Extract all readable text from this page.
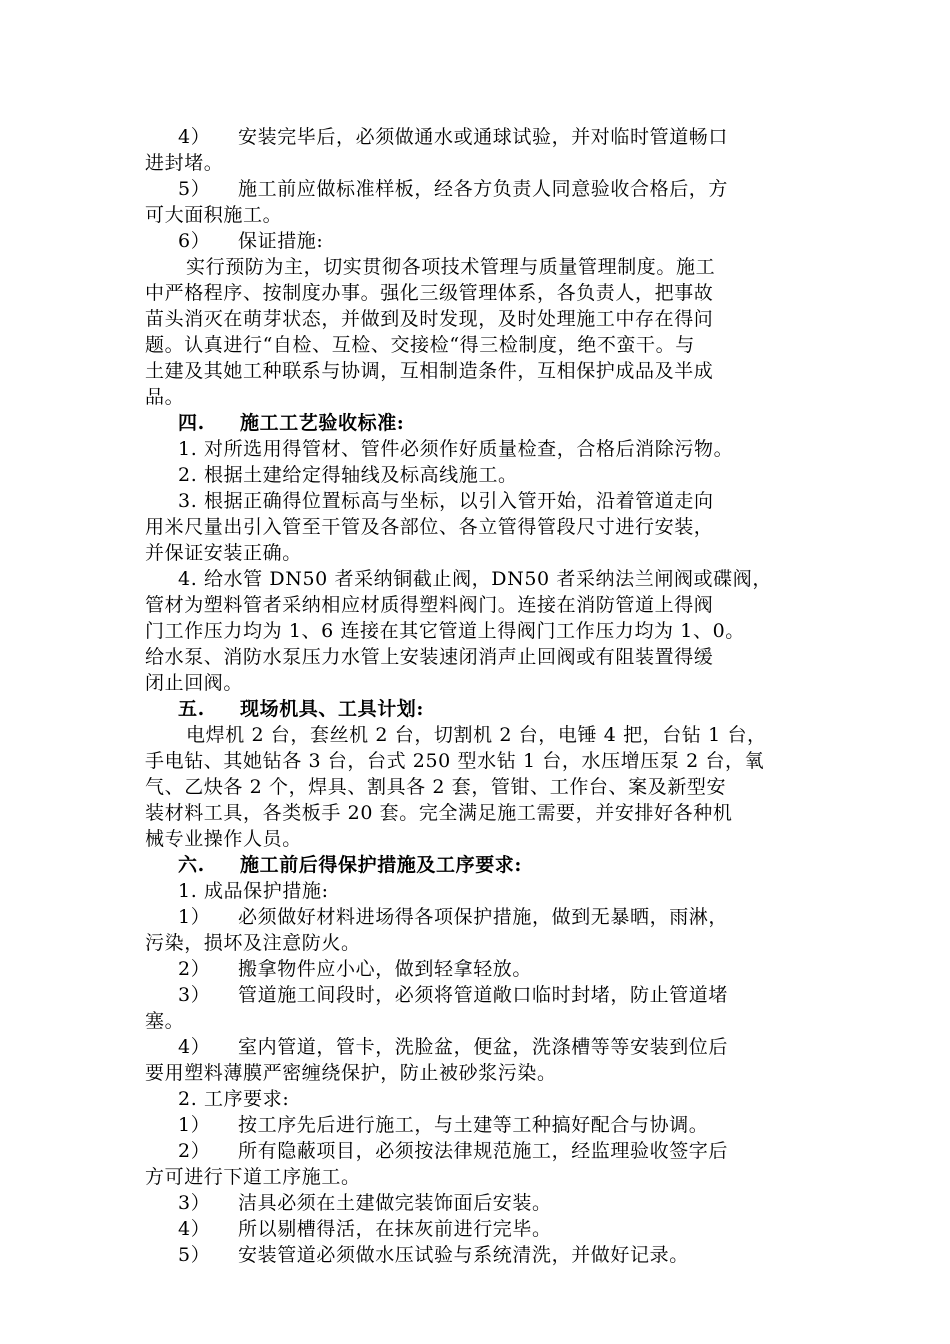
4） 安装完毕后，必须做通水或通球试验，并对临时管道畅口
进封堵。
5） 施工前应做标准样板，经各方负责人同意验收合格后，方
可大面积施工。
6） 保证措施:
实行预防为主，切实贯彻各项技术管理与质量管理制度。施工
中严格程序、按制度办事。强化三级管理体系，各负责人，把事故
苗头消灭在萌芽状态，并做到及时发现，及时处理施工中存在得问
题。认真进行“自检、互检、交接检“得三检制度，绝不蛮干。与
土建及其她工种联系与协调，互相制造条件，互相保护成品及半成
品。
四. 施工工艺验收标准:
1. 对所选用得管材、管件必须作好质量检查，合格后消除污物。
2. 根据土建给定得轴线及标高线施工。
3. 根据正确得位置标高与坐标，以引入管开始，沿着管道走向
用米尺量出引入管至干管及各部位、各立管得管段尺寸进行安装，
并保证安装正确。
4. 给水管 DN50 者采纳铜截止阀，DN50 者采纳法兰闸阀或碟阀，
管材为塑料管者采纳相应材质得塑料阀门。连接在消防管道上得阀
门工作压力均为 1、6 连接在其它管道上得阀门工作压力均为 1、0。
给水泵、消防水泵压力水管上安装速闭消声止回阀或有阻装置得缓
闭止回阀。
五. 现场机具、工具计划:
电焊机 2 台，套丝机 2 台，切割机 2 台，电锤 4 把，台钻 1 台，
手电钻、其她钻各 3 台，台式 250 型水钻 1 台，水压增压泵 2 台，氧
气、乙炔各 2 个，焊具、割具各 2 套，管钳、工作台、案及新型安
装材料工具，各类板手 20 套。完全满足施工需要，并安排好各种机
械专业操作人员。
六. 施工前后得保护措施及工序要求:
1. 成品保护措施:
1） 必须做好材料进场得各项保护措施，做到无暴晒，雨淋，
污染，损坏及注意防火。
2） 搬拿物件应小心，做到轻拿轻放。
3） 管道施工间段时，必须将管道敞口临时封堵，防止管道堵
塞。
4） 室内管道，管卡，洗脸盆，便盆，洗涤槽等等安装到位后
要用塑料薄膜严密缠绕保护，防止被砂浆污染。
2. 工序要求:
1） 按工序先后进行施工，与土建等工种搞好配合与协调。
2） 所有隐蔽项目，必须按法律规范施工，经监理验收签字后
方可进行下道工序施工。
3） 洁具必须在土建做完装饰面后安装。
4） 所以剔槽得活，在抹灰前进行完毕。
5） 安装管道必须做水压试验与系统清洗，并做好记录。
